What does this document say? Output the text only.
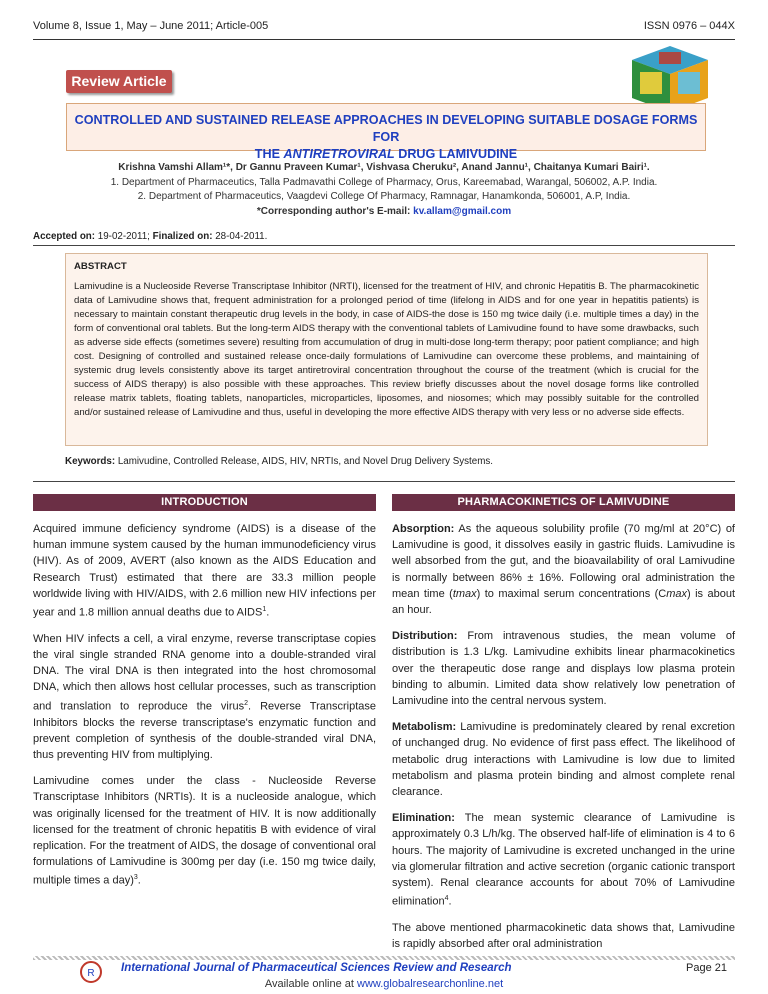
Volume 8, Issue 1, May – June 2011; Article-005	ISSN 0976 – 044X
Review Article
CONTROLLED AND SUSTAINED RELEASE APPROACHES IN DEVELOPING SUITABLE DOSAGE FORMS FOR
THE ANTIRETROVIRAL DRUG LAMIVUDINE
Krishna Vamshi Allam¹*, Dr Gannu Praveen Kumar¹, Vishvasa Cheruku², Anand Jannu¹, Chaitanya Kumari Bairi¹.
1. Department of Pharmaceutics, Talla Padmavathi College of Pharmacy, Orus, Kareemabad, Warangal, 506002, A.P. India.
2. Department of Pharmaceutics, Vaagdevi College Of Pharmacy, Ramnagar, Hanamkonda, 506001, A.P, India.
*Corresponding author's E-mail: kv.allam@gmail.com
Accepted on: 19-02-2011; Finalized on: 28-04-2011.
ABSTRACT
Lamivudine is a Nucleoside Reverse Transcriptase Inhibitor (NRTI), licensed for the treatment of HIV, and chronic Hepatitis B. The pharmacokinetic data of Lamivudine shows that, frequent administration for a prolonged period of time (lifelong in AIDS and for one year in hepatitis patients) is necessary to maintain constant therapeutic drug levels in the body, in case of AIDS-the dose is 150 mg twice daily (i.e. multiple times a day) in the form of conventional oral tablets. But the long-term AIDS therapy with the conventional tablets of Lamivudine found to have some drawbacks, such as adverse side effects (sometimes severe) resulting from accumulation of drug in multi-dose long-term therapy; poor patient compliance; and high cost. Designing of controlled and sustained release once-daily formulations of Lamivudine can overcome these problems, and maintaining of systemic drug levels consistently above its target antiretroviral concentration throughout the course of the treatment (which is crucial for the success of AIDS therapy) is also possible with these approaches. This review briefly discusses about the novel dosage forms like controlled release matrix tablets, floating tablets, nanoparticles, microparticles, liposomes, and niosomes; which may possibly suitable for the controlled and/or sustained release of Lamivudine and thus, useful in developing the more effective AIDS therapy with very less or no adverse side effects.
Keywords: Lamivudine, Controlled Release, AIDS, HIV, NRTIs, and Novel Drug Delivery Systems.
INTRODUCTION

Acquired immune deficiency syndrome (AIDS) is a disease of the human immune system caused by the human immunodeficiency virus (HIV). As of 2009, AVERT (also known as the AIDS Education and Research Trust) estimated that there are 33.3 million people worldwide living with HIV/AIDS, with 2.6 million new HIV infections per year and 1.8 million annual deaths due to AIDS$^1$.

When HIV infects a cell, a viral enzyme, reverse transcriptase copies the viral single stranded RNA genome into a double-stranded viral DNA. The viral DNA is then integrated into the host chromosomal DNA, which then allows host cellular processes, such as transcription and translation to reproduce the virus$^2$. Reverse Transcriptase Inhibitors blocks the reverse transcriptase's enzymatic function and prevent completion of synthesis of the double-stranded viral DNA, thus preventing HIV from multiplying.

Lamivudine comes under the class - Nucleoside Reverse Transcriptase Inhibitors (NRTIs). It is a nucleoside analogue, which was originally licensed for the treatment of HIV. It is now additionally licensed for the treatment of chronic hepatitis B with evidence of viral replication. For the treatment of AIDS, the dosage of conventional oral formulations of Lamivudine is 300mg per day (i.e. 150 mg twice daily, multiple times a day)$^3$.

PHARMACOKINETICS OF LAMIVUDINE

Absorption: As the aqueous solubility profile (70 mg/ml at 20°C) of Lamivudine is good, it dissolves easily in gastric fluids. Lamivudine is well absorbed from the gut, and the bioavailability of oral Lamivudine is normally between 86% ± 16%. Following oral administration the mean time (tmax) to maximal serum concentrations (Cmax) is about an hour.

Distribution: From intravenous studies, the mean volume of distribution is 1.3 L/kg. Lamivudine exhibits linear pharmacokinetics over the therapeutic dose range and displays low plasma protein binding to albumin. Limited data show relatively low penetration of Lamivudine into the central nervous system.

Metabolism: Lamivudine is predominately cleared by renal excretion of unchanged drug. No evidence of first pass effect. The likelihood of metabolic drug interactions with Lamivudine is low due to limited metabolism and plasma protein binding and almost complete renal clearance.

Elimination: The mean systemic clearance of Lamivudine is approximately 0.3 L/h/kg. The observed half-life of elimination is 4 to 6 hours. The majority of Lamivudine is excreted unchanged in the urine via glomerular filtration and active secretion (organic cationic transport system). Renal clearance accounts for about 70% of Lamivudine elimination$^4$.

The above mentioned pharmacokinetic data shows that, Lamivudine is rapidly absorbed after oral administration

R International Journal of Pharmaceutical Sciences Review and Research	Page 21
Available online at www.globalresearchonline.net
